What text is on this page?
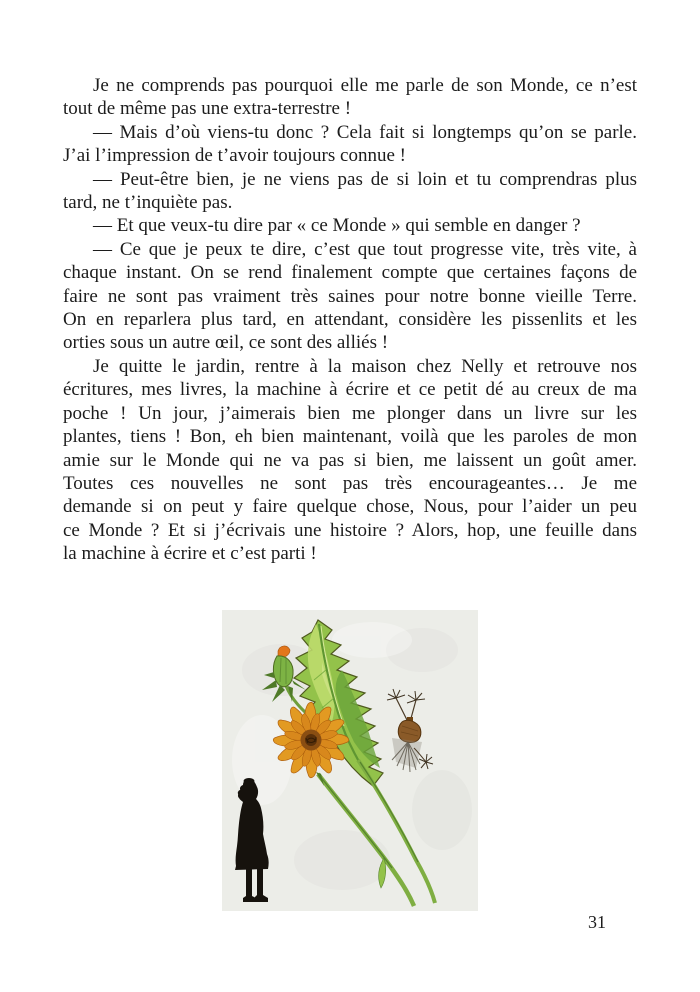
Je ne comprends pas pourquoi elle me parle de son Monde, ce n’est
tout de même pas une extra-terrestre !

— Mais d’où viens-tu donc ? Cela fait si longtemps qu’on se parle.
J’ai l’impression de t’avoir toujours connue !

— Peut-être bien, je ne viens pas de si loin et tu comprendras plus
tard, ne t’inquiète pas.

— Et que veux-tu dire par « ce Monde » qui semble en danger ?

— Ce que je peux te dire, c’est que tout progresse vite, très vite, à
chaque instant. On se rend finalement compte que certaines façons de
faire ne sont pas vraiment très saines pour notre bonne vieille Terre.
On en reparlera plus tard, en attendant, considère les pissenlits et les
orties sous un autre œil, ce sont des alliés !

Je quitte le jardin, rentre à la maison chez Nelly et retrouve nos
écritures, mes livres, la machine à écrire et ce petit dé au creux de ma
poche ! Un jour, j’aimerais bien me plonger dans un livre sur les
plantes, tiens ! Bon, eh bien maintenant, voilà que les paroles de mon
amie sur le Monde qui ne va pas si bien, me laissent un goût amer.
Toutes ces nouvelles ne sont pas très encourageantes… Je me
demande si on peut y faire quelque chose, Nous, pour l’aider un peu
ce Monde ? Et si j’écrivais une histoire ? Alors, hop, une feuille dans
la machine à écrire et c’est parti !

31
